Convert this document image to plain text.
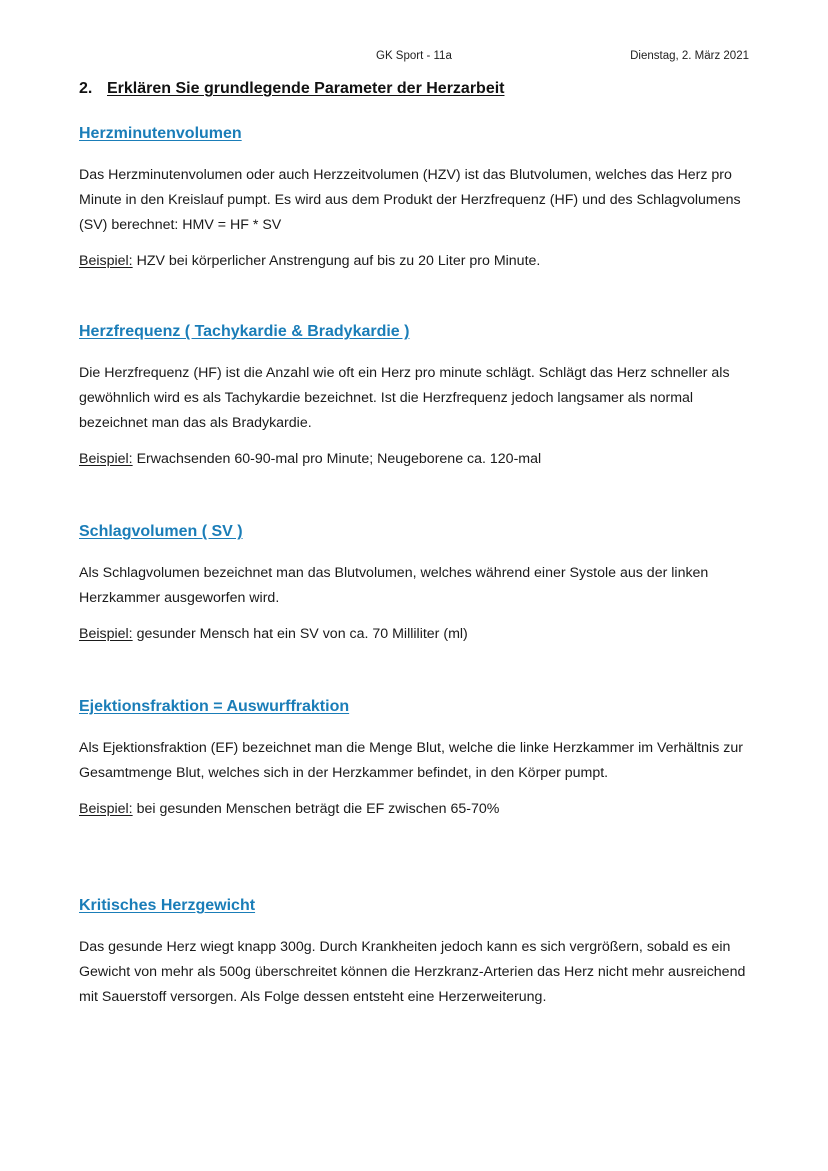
GK Sport - 11a	Dienstag, 2. März 2021
2. Erklären Sie grundlegende Parameter der Herzarbeit
Herzminutenvolumen

Das Herzminutenvolumen oder auch Herzzeitvolumen (HZV) ist das Blutvolumen, welches das Herz pro Minute in den Kreislauf pumpt. Es wird aus dem Produkt der Herzfrequenz (HF) und des Schlagvolumens (SV) berechnet: HMV = HF * SV

Beispiel: HZV bei körperlicher Anstrengung auf bis zu 20 Liter pro Minute.

Herzfrequenz ( Tachykardie & Bradykardie )

Die Herzfrequenz (HF) ist die Anzahl wie oft ein Herz pro minute schlägt. Schlägt das Herz schneller als gewöhnlich wird es als Tachykardie bezeichnet. Ist die Herzfrequenz jedoch langsamer als normal bezeichnet man das als Bradykardie.

Beispiel: Erwachsenden 60-90-mal pro Minute; Neugeborene ca. 120-mal

Schlagvolumen ( SV )

Als Schlagvolumen bezeichnet man das Blutvolumen, welches während einer Systole aus der linken Herzkammer ausgeworfen wird.

Beispiel: gesunder Mensch hat ein SV von ca. 70 Milliliter (ml)

Ejektionsfraktion = Auswurffraktion

Als Ejektionsfraktion (EF) bezeichnet man die Menge Blut, welche die linke Herzkammer im Verhältnis zur Gesamtmenge Blut, welches sich in der Herzkammer befindet, in den Körper pumpt.

Beispiel: bei gesunden Menschen beträgt die EF zwischen 65-70%

Kritisches Herzgewicht

Das gesunde Herz wiegt knapp 300g. Durch Krankheiten jedoch kann es sich vergrößern, sobald es ein Gewicht von mehr als 500g überschreitet können die Herzkranz-Arterien das Herz nicht mehr ausreichend mit Sauerstoff versorgen. Als Folge dessen entsteht eine Herzerweiterung.
